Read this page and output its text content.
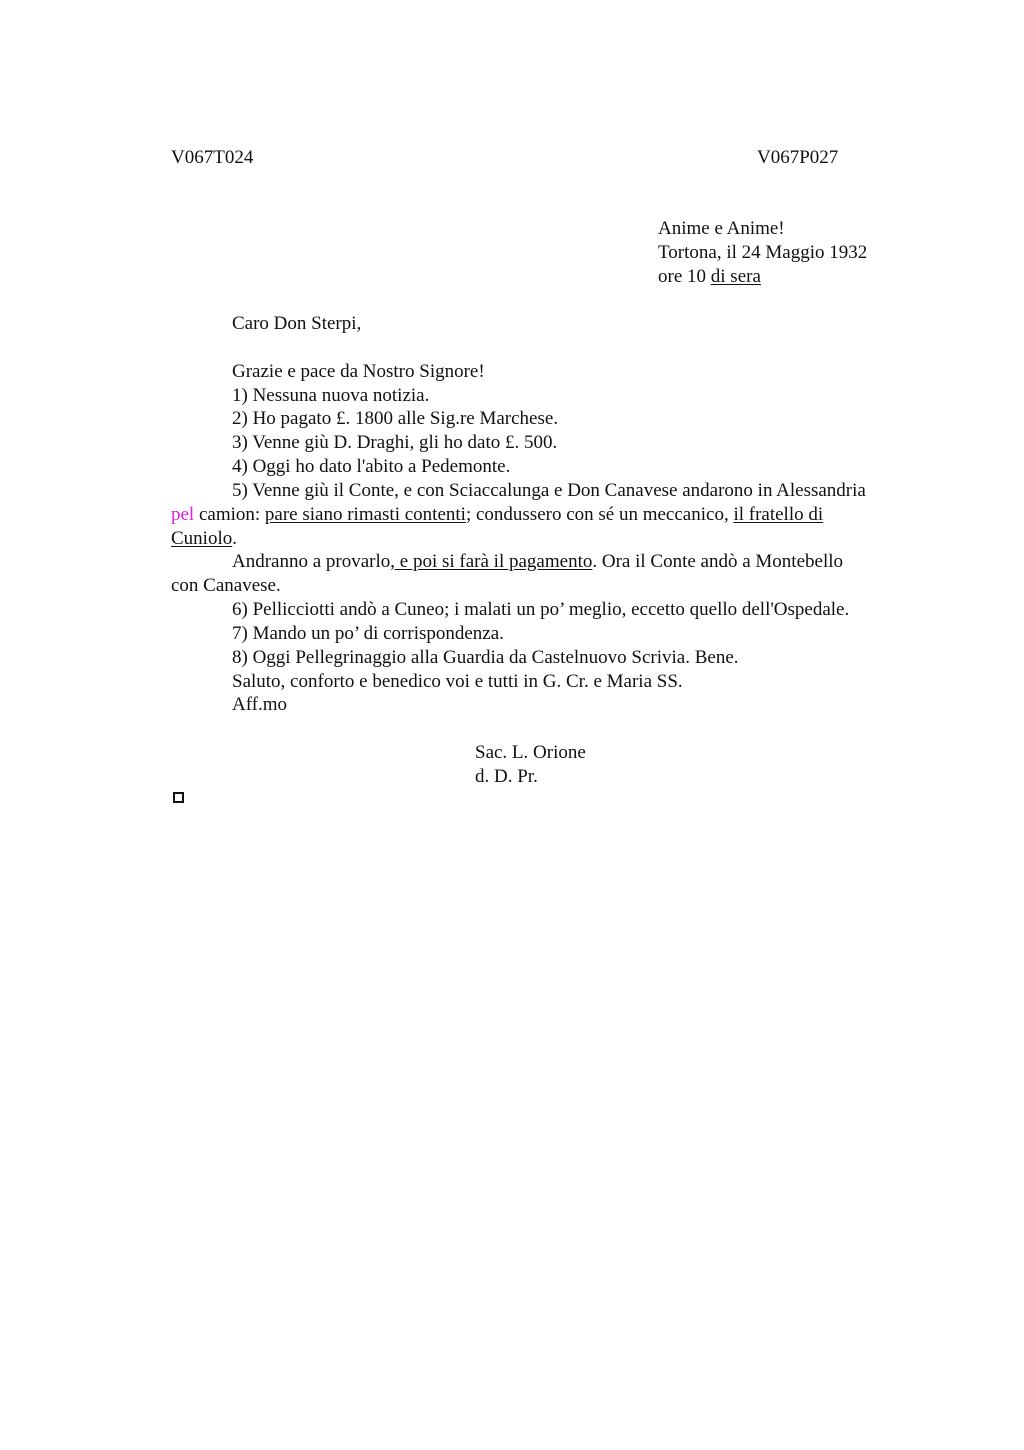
V067T024	V067P027
Anime e Anime!
Tortona, il 24 Maggio 1932
ore 10 di sera
Caro Don Sterpi,
Grazie e pace da Nostro Signore!
1) Nessuna nuova notizia.
2) Ho pagato £. 1800 alle Sig.re Marchese.
3) Venne giù D. Draghi, gli ho dato £. 500.
4) Oggi ho dato l'abito a Pedemonte.
5) Venne giù il Conte, e con Sciaccalunga e Don Canavese andarono in Alessandria
pel camion: pare siano rimasti contenti; condussero con sé un meccanico, il fratello di
Cuniolo.
Andranno a provarlo, e poi si farà il pagamento. Ora il Conte andò a Montebello
con Canavese.
6) Pellicciotti andò a Cuneo; i malati un po’ meglio, eccetto quello dell'Ospedale.
7) Mando un po’ di corrispondenza.
8) Oggi Pellegrinaggio alla Guardia da Castelnuovo Scrivia. Bene.
Saluto, conforto e benedico voi e tutti in G. Cr. e Maria SS.
Aff.mo
Sac. L. Orione
d. D. Pr.
